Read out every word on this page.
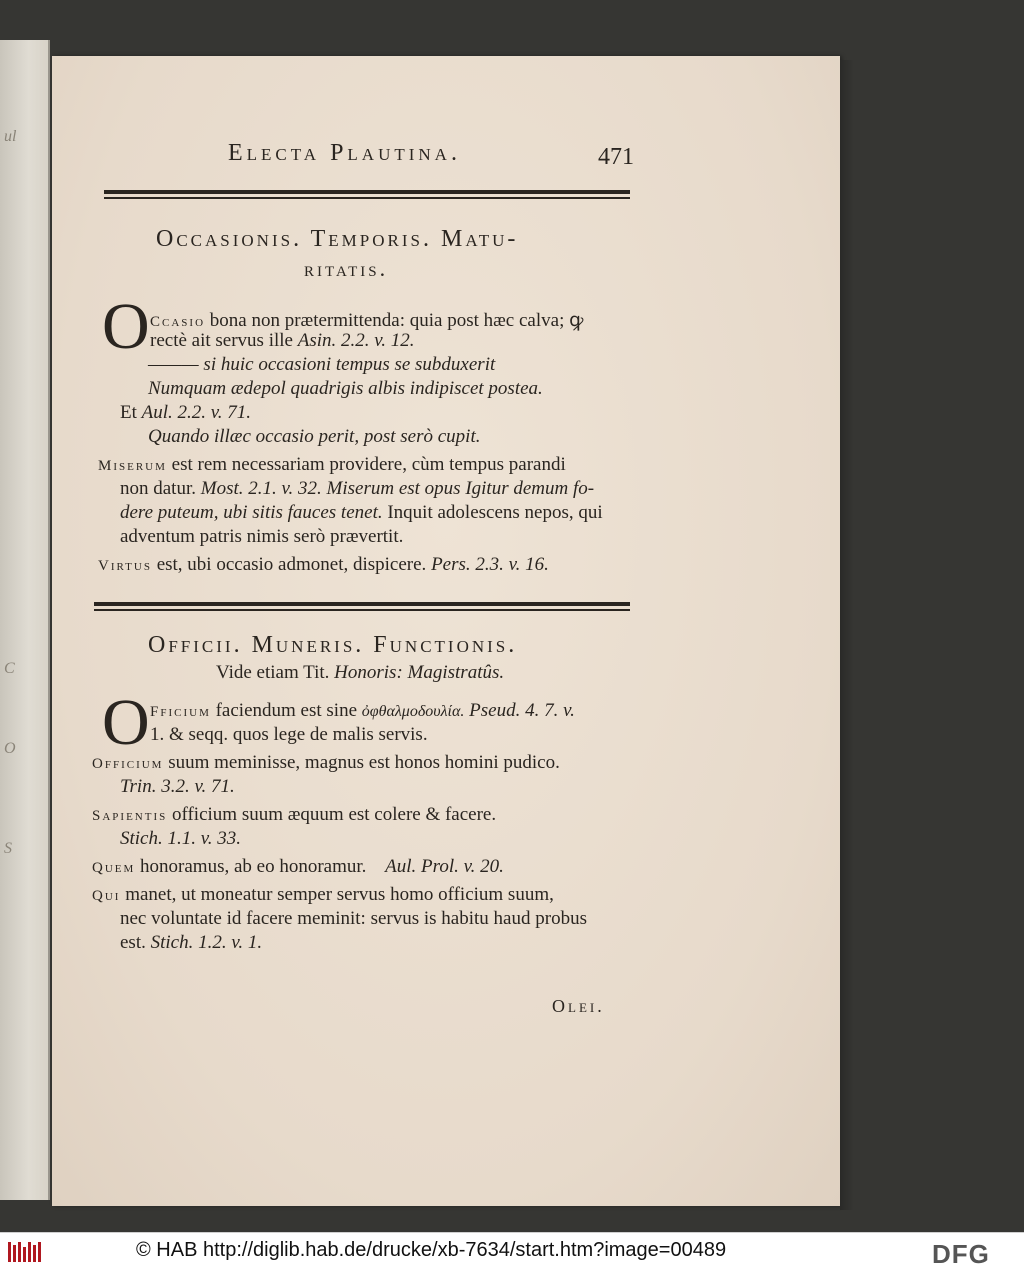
ul
C
S
O
Electa Plautina.	471
Occasionis. Temporis. Matu-
ritatis.
O Ccasio bona non prætermittenda: quia post hæc calva; ꝙ
rectè ait servus ille Asin. 2.2. v. 12.
——— si huic occasioni tempus se subduxerit
Numquam ædepol quadrigis albis indipiscet postea.
Et Aul. 2.2. v. 71.
Quando illæc occasio perit, post serò cupit.
Miserum est rem necessariam providere, cùm tempus parandi
non datur. Most. 2.1. v. 32. Miserum est opus Igitur demum fo-
dere puteum, ubi sitis fauces tenet. Inquit adolescens nepos, qui
adventum patris nimis serò prævertit.
Virtus est, ubi occasio admonet, dispicere. Pers. 2.3. v. 16.
Officii. Muneris. Functionis.
Vide etiam Tit. Honoris: Magistratûs.
O Fficium faciendum est sine ὀφθαλμοδουλία. Pseud. 4. 7. v.
1. & seqq. quos lege de malis servis.
Officium suum meminisse, magnus est honos homini pudico.
Trin. 3.2. v. 71.
Sapientis officium suum æquum est colere & facere.
Stich. 1.1. v. 33.
Quem honoramus, ab eo honoramur. Aul. Prol. v. 20.
Qui manet, ut moneatur semper servus homo officium suum,
nec voluntate id facere meminit: servus is habitu haud probus
est. Stich. 1.2. v. 1.
Olei.
© HAB http://diglib.hab.de/drucke/xb-7634/start.htm?image=00489	DFG
